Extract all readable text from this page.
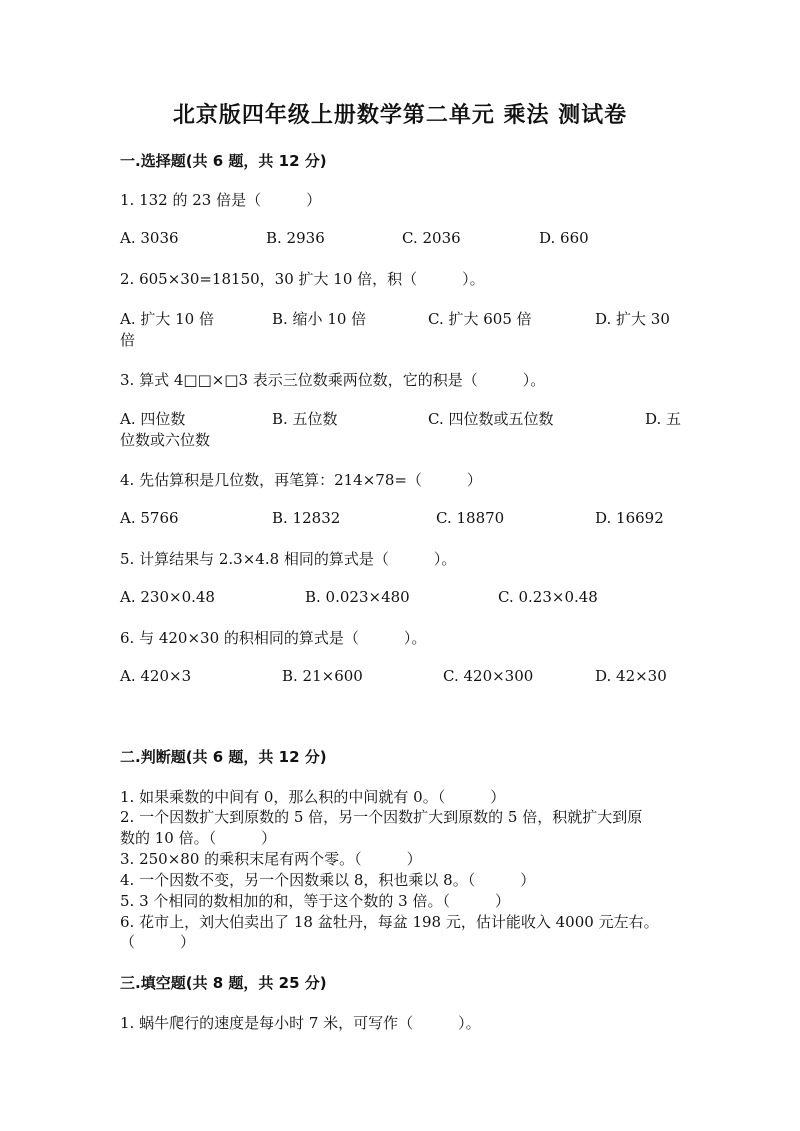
北京版四年级上册数学第二单元 乘法 测试卷
一.选择题(共 6 题，共 12 分)
1. 132 的 23 倍是（　　　）
A. 3036	B. 2936	C. 2036	D. 660
2. 605×30=18150，30 扩大 10 倍，积（　　　）。
A. 扩大 10 倍	B. 缩小 10 倍	C. 扩大 605 倍	D. 扩大 30
倍
3. 算式 4□□×□3 表示三位数乘两位数，它的积是（　　　）。
A. 四位数	B. 五位数	C. 四位数或五位数	D. 五
位数或六位数
4. 先估算积是几位数，再笔算：214×78=（　　　）
A. 5766	B. 12832	C. 18870	D. 16692
5. 计算结果与 2.3×4.8 相同的算式是（　　　）。
A. 230×0.48	B. 0.023×480	C. 0.23×0.48
6. 与 420×30 的积相同的算式是（　　　）。
A. 420×3	B. 21×600	C. 420×300	D. 42×30
二.判断题(共 6 题，共 12 分)
1. 如果乘数的中间有 0，那么积的中间就有 0。（　　　）
2. 一个因数扩大到原数的 5 倍，另一个因数扩大到原数的 5 倍，积就扩大到原
数的 10 倍。（　　　）
3. 250×80 的乘积末尾有两个零。（　　　）
4. 一个因数不变，另一个因数乘以 8，积也乘以 8。（　　　）
5. 3 个相同的数相加的和，等于这个数的 3 倍。（　　　）
6. 花市上，刘大伯卖出了 18 盆牡丹，每盆 198 元，估计能收入 4000 元左右。
（　　　）
三.填空题(共 8 题，共 25 分)
1. 蜗牛爬行的速度是每小时 7 米，可写作（　　　）。
